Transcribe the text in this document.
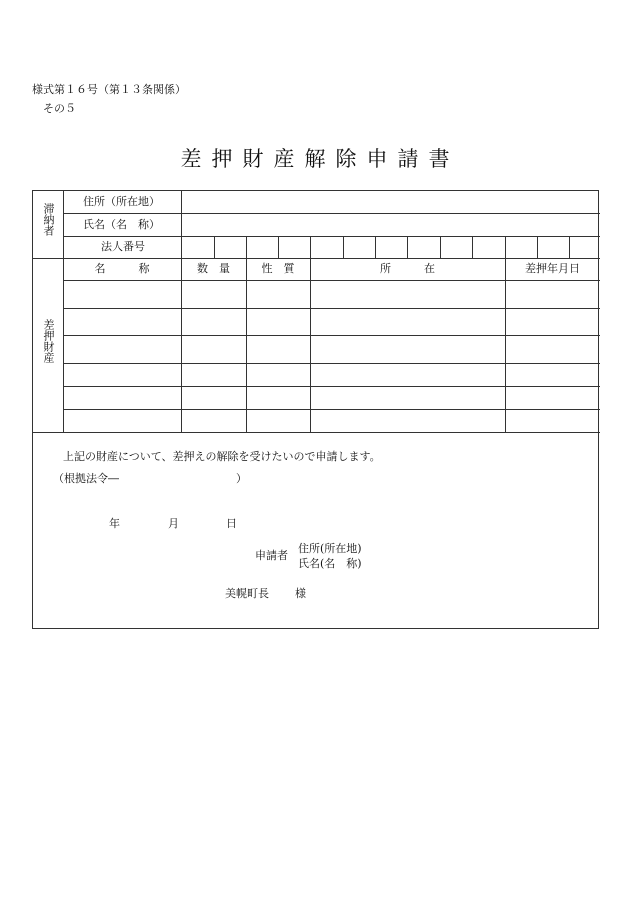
様式第１６号（第１３条関係）
その５
差押財産解除申請書
滞納者
住所（所在地）
氏名（名　称）
法人番号
差押財産
名　　　称	数　量	性　質	所　　　在	差押年月日
上記の財産について、差押えの解除を受けたいので申請します。
（根拠法令―	）
年	月	日
申請者
住所(所在地)
氏名(名　称)
美幌町長 様
